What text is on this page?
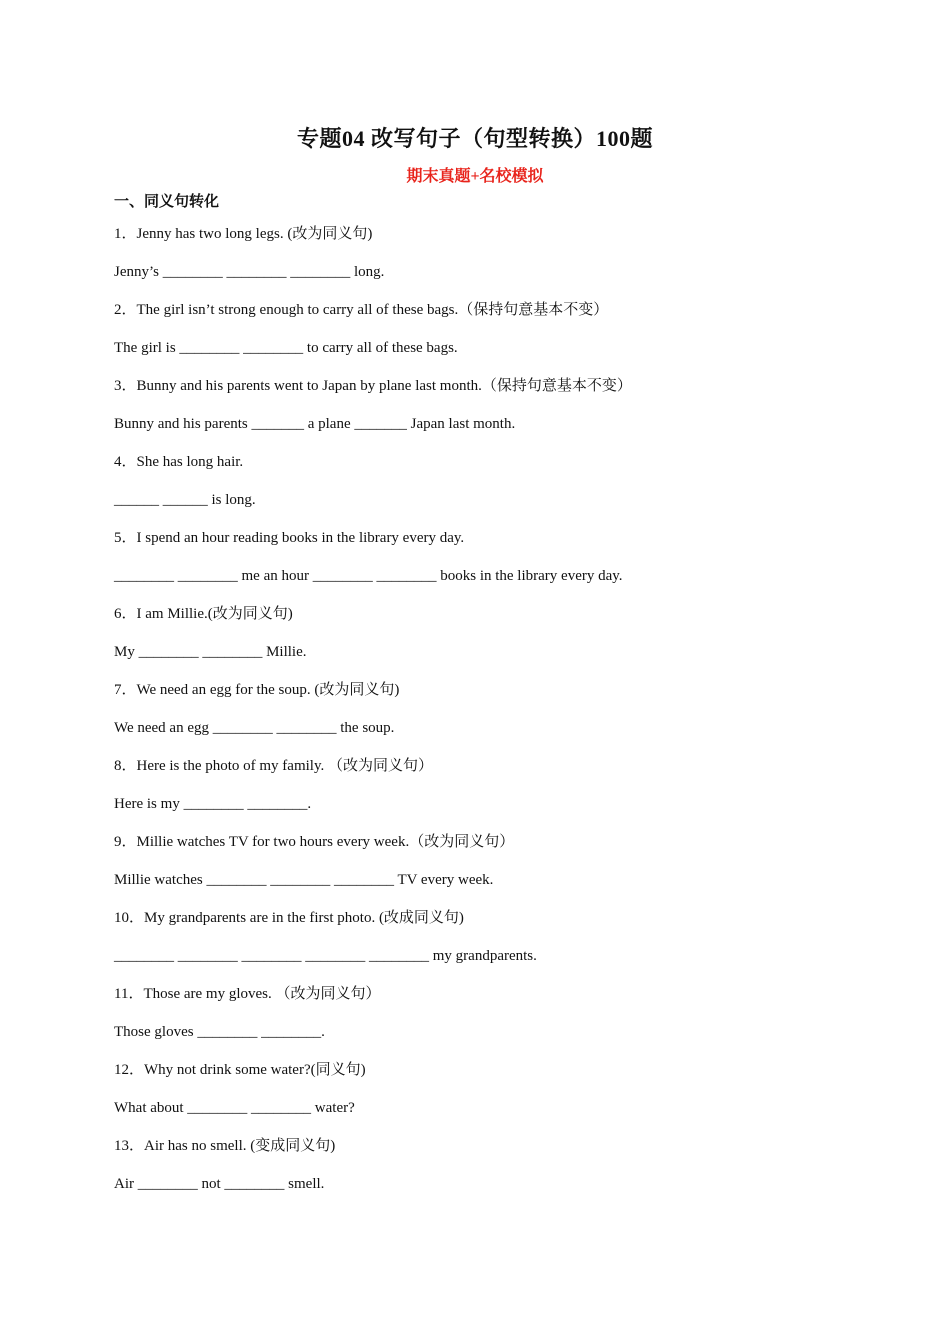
专题04 改写句子（句型转换）100题
期末真题+名校模拟
一、同义句转化
1．Jenny has two long legs. (改为同义句)
Jenny’s ________ ________ ________ long.
2．The girl isn’t strong enough to carry all of these bags.（保持句意基本不变）
The girl is ________ ________ to carry all of these bags.
3．Bunny and his parents went to Japan by plane last month.（保持句意基本不变）
Bunny and his parents _______ a plane _______ Japan last month.
4．She has long hair.
______ ______ is long.
5．I spend an hour reading books in the library every day.
________ ________ me an hour ________ ________ books in the library every day.
6．I am Millie.(改为同义句)
My ________ ________ Millie.
7．We need an egg for the soup. (改为同义句)
We need an egg ________ ________ the soup.
8．Here is the photo of my family. （改为同义句）
Here is my ________ ________.
9．Millie watches TV for two hours every week.（改为同义句）
Millie watches ________ ________ ________ TV every week.
10．My grandparents are in the first photo. (改成同义句)
________ ________ ________ ________ ________ my grandparents.
11．Those are my gloves. （改为同义句）
Those gloves ________ ________.
12．Why not drink some water?(同义句)
What about ________ ________ water?
13．Air has no smell. (变成同义句)
Air ________ not ________ smell.
